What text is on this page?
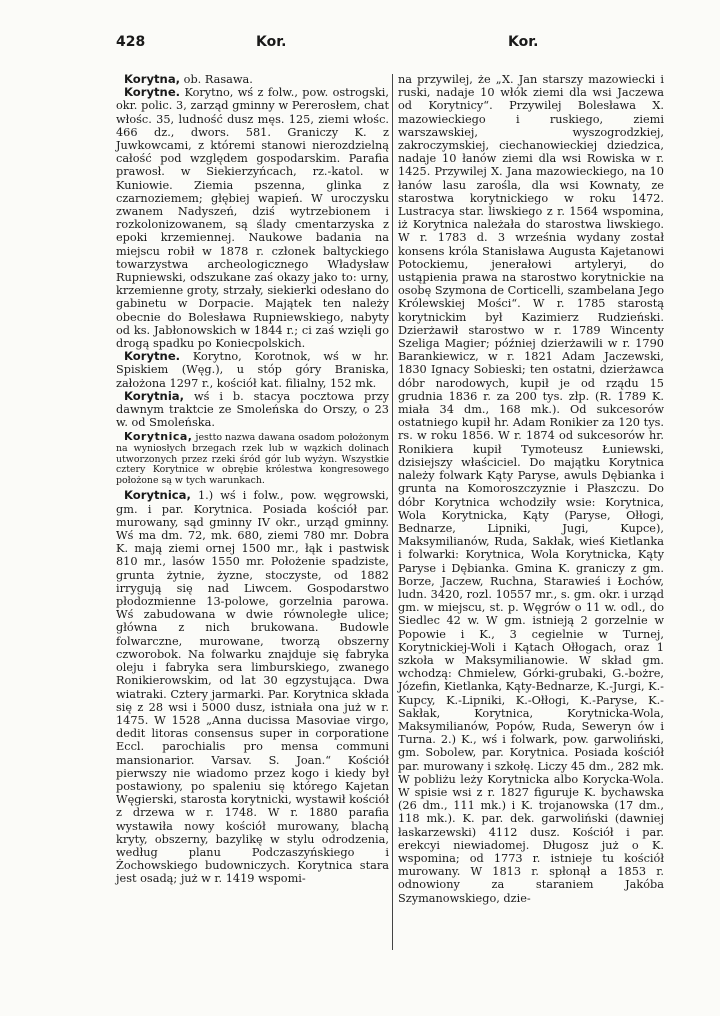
428	Kor.	Kor.

Korytna, ob. Rasawa.

Korytne. Korytno, wś z folw., pow. ostrogski, okr. polic. 3, zarząd gminny w Pererosłem, chat włośc. 35, ludność dusz męs. 125, ziemi włośc. 466 dz., dwors. 581. Graniczy K. z Juwkowcami, z któremi stanowi nierozdzielną całość pod względem gospodarskim. Parafia prawosł. w Siekierzyńcach, rz.-katol. w Kuniowie. Ziemia pszenna, glinka z czarnoziemem; głębiej wapień. W uroczysku zwanem Nadyszeń, dziś wytrzebionem i rozkolonizowanem, są ślady cmentarzyska z epoki krzemiennej. Naukowe badania na miejscu robił w 1878 r. członek baltyckiego towarzystwa archeologicznego Władysław Rupniewski, odszukane zaś okazy jako to: urny, krzemienne groty, strzały, siekierki odesłano do gabinetu w Dorpacie. Majątek ten należy obecnie do Bolesława Rupniewskiego, nabyty od ks. Jabłonowskich w 1844 r.; ci zaś wzięli go drogą spadku po Koniecpolskich.

Korytne. Korytno, Korotnok, wś w hr. Spiskiem (Węg.), u stóp góry Braniska, założona 1297 r., kościół kat. filialny, 152 mk.

Korytnia, wś i b. stacya pocztowa przy dawnym traktcie ze Smoleńska do Orszy, o 23 w. od Smoleńska.

Korytnica, jestto nazwa dawana osadom położonym na wyniosłych brzegach rzek lub w wązkich dolinach utworzonych przez rzeki śród gór lub wyżyn. Wszystkie cztery Korytnice w obrębie królestwa kongresowego położone są w tych warunkach.

Korytnica, 1.) wś i folw., pow. węgrowski, gm. i par. Korytnica. Posiada kościół par. murowany, sąd gminny IV okr., urząd gminny. Wś ma dm. 72, mk. 680, ziemi 780 mr. Dobra K. mają ziemi ornej 1500 mr., łąk i pastwisk 810 mr., lasów 1550 mr. Położenie spadziste, grunta żytnie, żyzne, stoczyste, od 1882 irrygują się nad Liwcem. Gospodarstwo płodozmienne 13-polowe, gorzelnia parowa. Wś zabudowana w dwie równoległe ulice; główna z nich brukowana. Budowle folwarczne, murowane, tworzą obszerny czworobok. Na folwarku znajduje się fabryka oleju i fabryka sera limburskiego, zwanego Ronikierowskim, od lat 30 egzystująca. Dwa wiatraki. Cztery jarmarki. Par. Korytnica składa się z 28 wsi i 5000 dusz, istniała ona już w r. 1475. W 1528 „Anna ducissa Masoviae virgo, dedit litoras consensus super in corporatione Eccl. parochialis pro mensa communi mansionarior. Varsav. S. Joan.“ Kościół pierwszy nie wiadomo przez kogo i kiedy był postawiony, po spaleniu się którego Kajetan Węgierski, starosta korytnicki, wystawił kościół z drzewa w r. 1748. W r. 1880 parafia wystawiła nowy kościół murowany, blachą kryty, obszerny, bazylikę w stylu odrodzenia, według planu Podczaszyńskiego i Żochowskiego budowniczych. Korytnica stara jest osadą; już w r. 1419 wspomi-

na przywilej, że „X. Jan starszy mazowiecki i ruski, nadaje 10 włók ziemi dla wsi Jaczewa od Korytnicy“. Przywilej Bolesława X. mazowieckiego i ruskiego, ziemi warszawskiej, wyszogrodzkiej, zakroczymskiej, ciechanowieckiej dziedzica, nadaje 10 łanów ziemi dla wsi Rowiska w r. 1425. Przywilej X. Jana mazowieckiego, na 10 łanów lasu zarośla, dla wsi Kownaty, ze starostwa korytnickiego w roku 1472. Lustracya star. liwskiego z r. 1564 wspomina, iż Korytnica należała do starostwa liwskiego. W r. 1783 d. 3 września wydany został konsens króla Stanisława Augusta Kajetanowi Potockiemu, jenerałowi artyleryi, do ustąpienia prawa na starostwo korytnickie na osobę Szymona de Corticelli, szambelana Jego Królewskiej Mości“. W r. 1785 starostą korytnickim był Kazimierz Rudzieński. Dzierżawił starostwo w r. 1789 Wincenty Szeliga Magier; później dzierżawili w r. 1790 Barankiewicz, w r. 1821 Adam Jaczewski, 1830 Ignacy Sobieski; ten ostatni, dzierżawca dóbr narodowych, kupił je od rządu 15 grudnia 1836 r. za 200 tys. złp. (R. 1789 K. miała 34 dm., 168 mk.). Od sukcesorów ostatniego kupił hr. Adam Ronikier za 120 tys. rs. w roku 1856. W r. 1874 od sukcesorów hr. Ronikiera kupił Tymoteusz Łuniewski, dzisiejszy właściciel. Do majątku Korytnica należy folwark Kąty Paryse, awuls Dębianka i grunta na Komoroszczyznie i Płaszczu. Do dóbr Korytnica wchodziły wsie: Korytnica, Wola Korytnicka, Kąty (Paryse, Ołłogi, Bednarze, Lipniki, Jugi, Kupce), Maksymilianów, Ruda, Sakłak, wieś Kietlanka i folwarki: Korytnica, Wola Korytnicka, Kąty Paryse i Dębianka. Gmina K. graniczy z gm. Borze, Jaczew, Ruchna, Starawieś i Łochów, ludn. 3420, rozl. 10557 mr., s. gm. okr. i urząd gm. w miejscu, st. p. Węgrów o 11 w. odl., do Siedlec 42 w. W gm. istnieją 2 gorzelnie w Popowie i K., 3 cegielnie w Turnej, Korytnickiej-Woli i Kątach Ołłogach, oraz 1 szkoła w Maksymilianowie. W skład gm. wchodzą: Chmielew, Górki-grubaki, G.-bożre, Józefin, Kietlanka, Kąty-Bednarze, K.-Jurgi, K.-Kupcy, K.-Lipniki, K.-Ołłogi, K.-Paryse, K.-Sakłak, Korytnica, Korytnicka-Wola, Maksymilianów, Popów, Ruda, Seweryn ów i Turna. 2.) K., wś i folwark, pow. garwoliński, gm. Sobolew, par. Korytnica. Posiada kościół par. murowany i szkołę. Liczy 45 dm., 282 mk. W pobliżu leży Korytnicka albo Korycka-Wola. W spisie wsi z r. 1827 figuruje K. bychawska (26 dm., 111 mk.) i K. trojanowska (17 dm., 118 mk.). K. par. dek. garwoliński (dawniej łaskarzewski) 4112 dusz. Kościół i par. erekcyi niewiadomej. Długosz już o K. wspomina; od 1773 r. istnieje tu kościół murowany. W 1813 r. spłonął a 1853 r. odnowiony za staraniem Jakóba Szymanowskiego, dzie-
